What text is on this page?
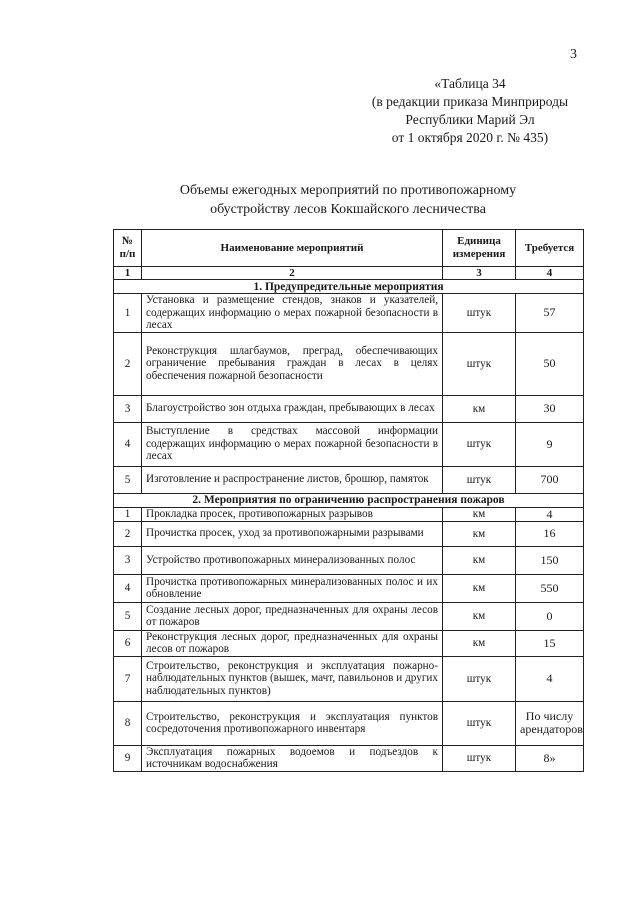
3
«Таблица 34
(в редакции приказа Минприроды
Республики Марий Эл
от 1 октября 2020 г. № 435)
Объемы ежегодных мероприятий по противопожарному
обустройству лесов Кокшайского лесничества
№ п/п	Наименование мероприятий	Единица измерения	Требуется
1	2	3	4
1. Предупредительные мероприятия			
1	Установка и размещение стендов, знаков и указателей, содержащих информацию о мерах пожарной безопасности в лесах	штук	57
2	Реконструкция шлагбаумов, преград, обеспечивающих ограничение пребывания граждан в лесах в целях обеспечения пожарной безопасности	штук	50
3	Благоустройство зон отдыха граждан, пребывающих в лесах	км	30
4	Выступление в средствах массовой информации содержащих информацию о мерах пожарной безопасности в лесах	штук	9
5	Изготовление и распространение листов, брошюр, памяток	штук	700
2. Мероприятия по ограничению распространения пожаров			
1	Прокладка просек, противопожарных разрывов	км	4
2	Прочистка просек, уход за противопожарными разрывами	км	16
3	Устройство противопожарных минерализованных полос	км	150
4	Прочистка противопожарных минерализованных полос и их обновление	км	550
5	Создание лесных дорог, предназначенных для охраны лесов от пожаров	км	0
6	Реконструкция лесных дорог, предназначенных для охраны лесов от пожаров	км	15
7	Строительство, реконструкция и эксплуатация пожарно-наблюдательных пунктов (вышек, мачт, павильонов и других наблюдательных пунктов)	штук	4
8	Строительство, реконструкция и эксплуатация пунктов сосредоточения противопожарного инвентаря	штук	По числу арендаторов
9	Эксплуатация пожарных водоемов и подъездов к источникам водоснабжения	штук	8»
